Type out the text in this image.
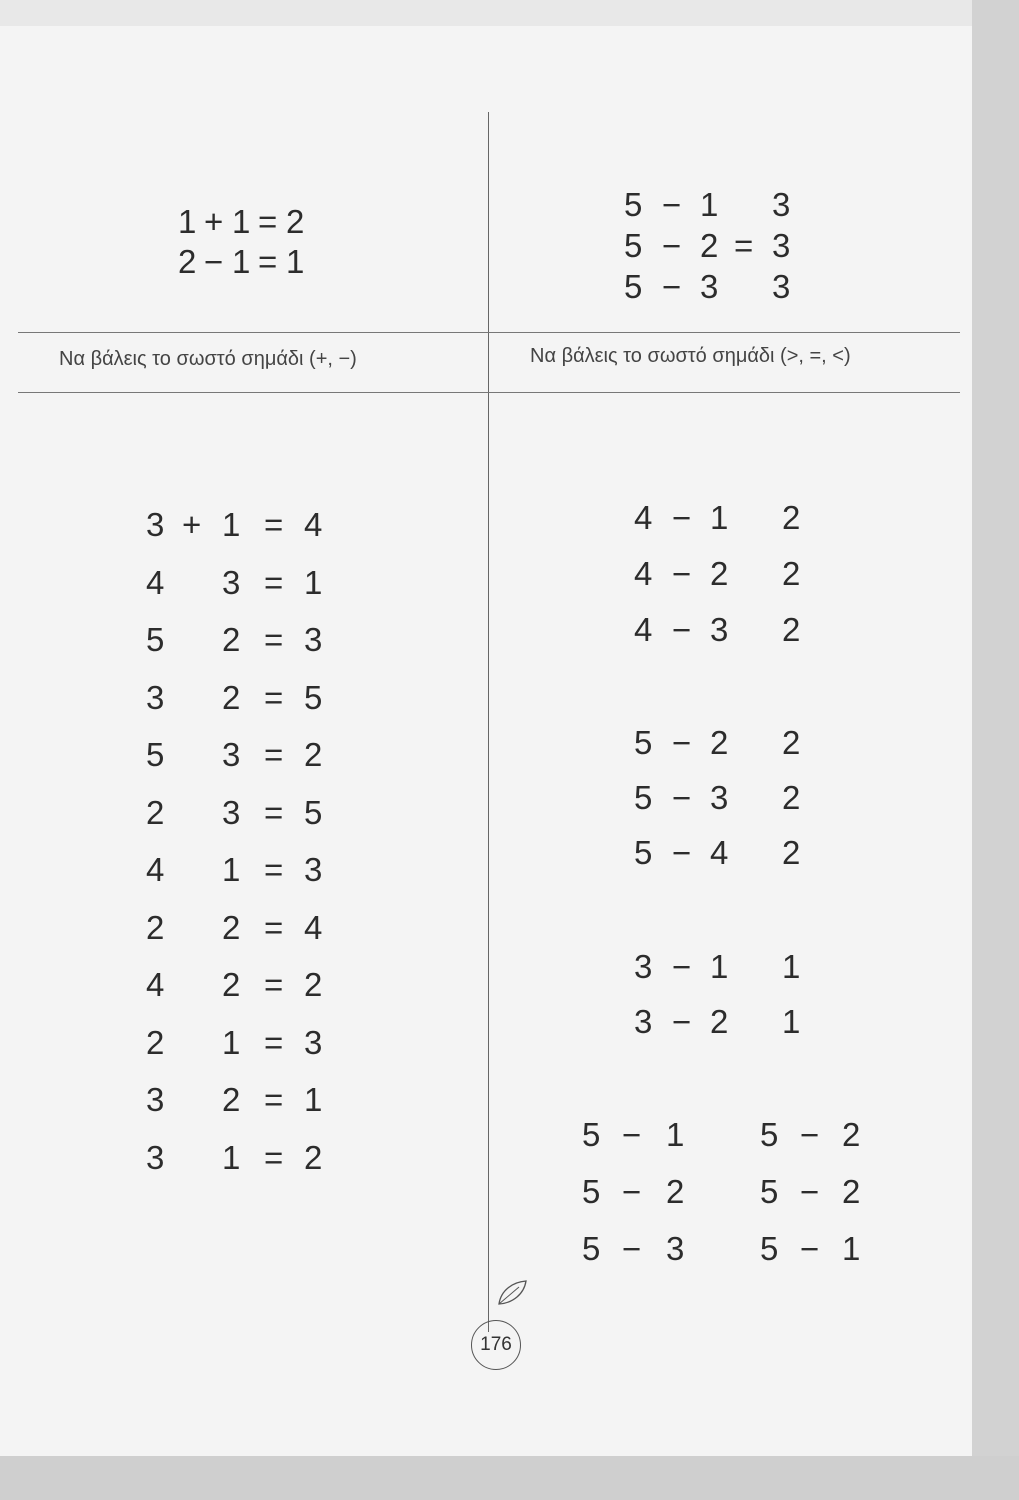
1 + 1 = 2
2 − 1 = 1
5 − 1 3
5 − 2 = 3
5 − 3 3
Να βάλεις το σωστό σημάδι (+, −)	Να βάλεις το σωστό σημάδι (>, =, <)
3 + 1 = 4
4 3 = 1
5 2 = 3
3 2 = 5
5 3 = 2
2 3 = 5
4 1 = 3
2 2 = 4
4 2 = 2
2 1 = 3
3 2 = 1
3 1 = 2
4 − 1 2
4 − 2 2
4 − 3 2
5 − 2 2
5 − 3 2
5 − 4 2
3 − 1 1
3 − 2 1
5 − 1 5 − 2
5 − 2 5 − 2
5 − 3 5 − 1
176
